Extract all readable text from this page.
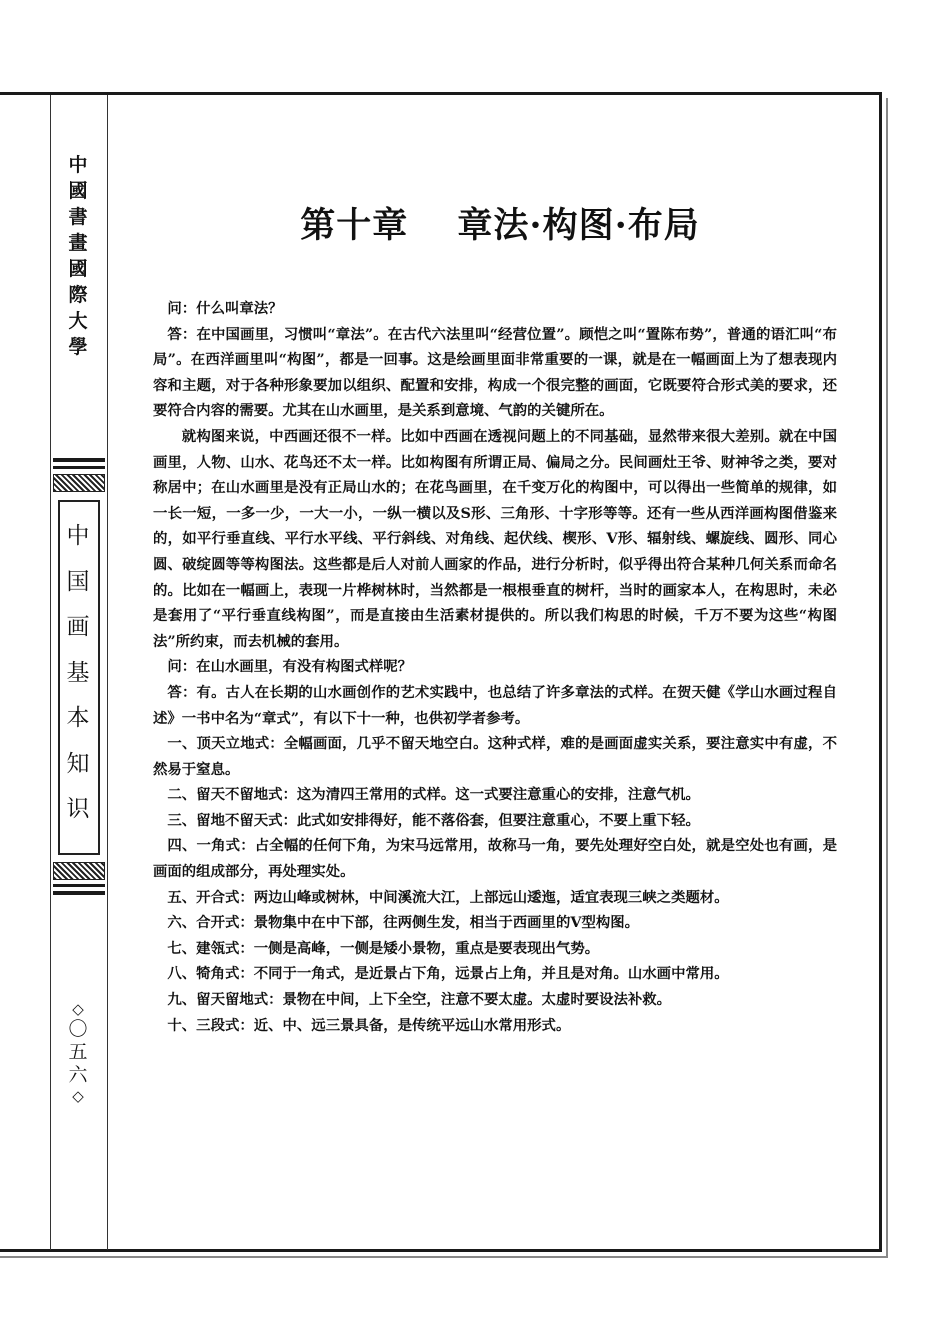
中
國
書
畫
國
際
大
學
中
国
画
基
本
知
识
◇
〇
五
六
◇
第十章　 章法·构图·布局

问：什么叫章法？

答：在中国画里，习惯叫“章法”。在古代六法里叫“经营位置”。顾恺之叫“置陈布势”，普通的语汇叫“布局”。在西洋画里叫“构图”，都是一回事。这是绘画里面非常重要的一课，就是在一幅画面上为了想表现内容和主题，对于各种形象要加以组织、配置和安排，构成一个很完整的画面，它既要符合形式美的要求，还要符合内容的需要。尤其在山水画里，是关系到意境、气韵的关键所在。

就构图来说，中西画还很不一样。比如中西画在透视问题上的不同基础，显然带来很大差别。就在中国画里，人物、山水、花鸟还不太一样。比如构图有所谓正局、偏局之分。民间画灶王爷、财神爷之类，要对称居中；在山水画里是没有正局山水的；在花鸟画里，在千变万化的构图中，可以得出一些简单的规律，如一长一短，一多一少，一大一小，一纵一横以及S形、三角形、十字形等等。还有一些从西洋画构图借鉴来的，如平行垂直线、平行水平线、平行斜线、对角线、起伏线、楔形、V形、辐射线、螺旋线、圆形、同心圆、破绽圆等等构图法。这些都是后人对前人画家的作品，进行分析时，似乎得出符合某种几何关系而命名的。比如在一幅画上，表现一片桦树林时，当然都是一根根垂直的树杆，当时的画家本人，在构思时，未必是套用了“平行垂直线构图”，而是直接由生活素材提供的。所以我们构思的时候，千万不要为这些“构图法”所约束，而去机械的套用。

问：在山水画里，有没有构图式样呢？

答：有。古人在长期的山水画创作的艺术实践中，也总结了许多章法的式样。在贺天健《学山水画过程自述》一书中名为“章式”，有以下十一种，也供初学者参考。

一、顶天立地式：全幅画面，几乎不留天地空白。这种式样，难的是画面虚实关系，要注意实中有虚，不然易于窒息。

二、留天不留地式：这为清四王常用的式样。这一式要注意重心的安排，注意气机。

三、留地不留天式：此式如安排得好，能不落俗套，但要注意重心，不要上重下轻。

四、一角式：占全幅的任何下角，为宋马远常用，故称马一角，要先处理好空白处，就是空处也有画，是画面的组成部分，再处理实处。

五、开合式：两边山峰或树林，中间溪流大江，上部远山逶迤，适宜表现三峡之类题材。

六、合开式：景物集中在中下部，往两侧生发，相当于西画里的V型构图。

七、建瓴式：一侧是高峰，一侧是矮小景物，重点是要表现出气势。

八、犄角式：不同于一角式，是近景占下角，远景占上角，并且是对角。山水画中常用。

九、留天留地式：景物在中间，上下全空，注意不要太虚。太虚时要设法补救。

十、三段式：近、中、远三景具备，是传统平远山水常用形式。
